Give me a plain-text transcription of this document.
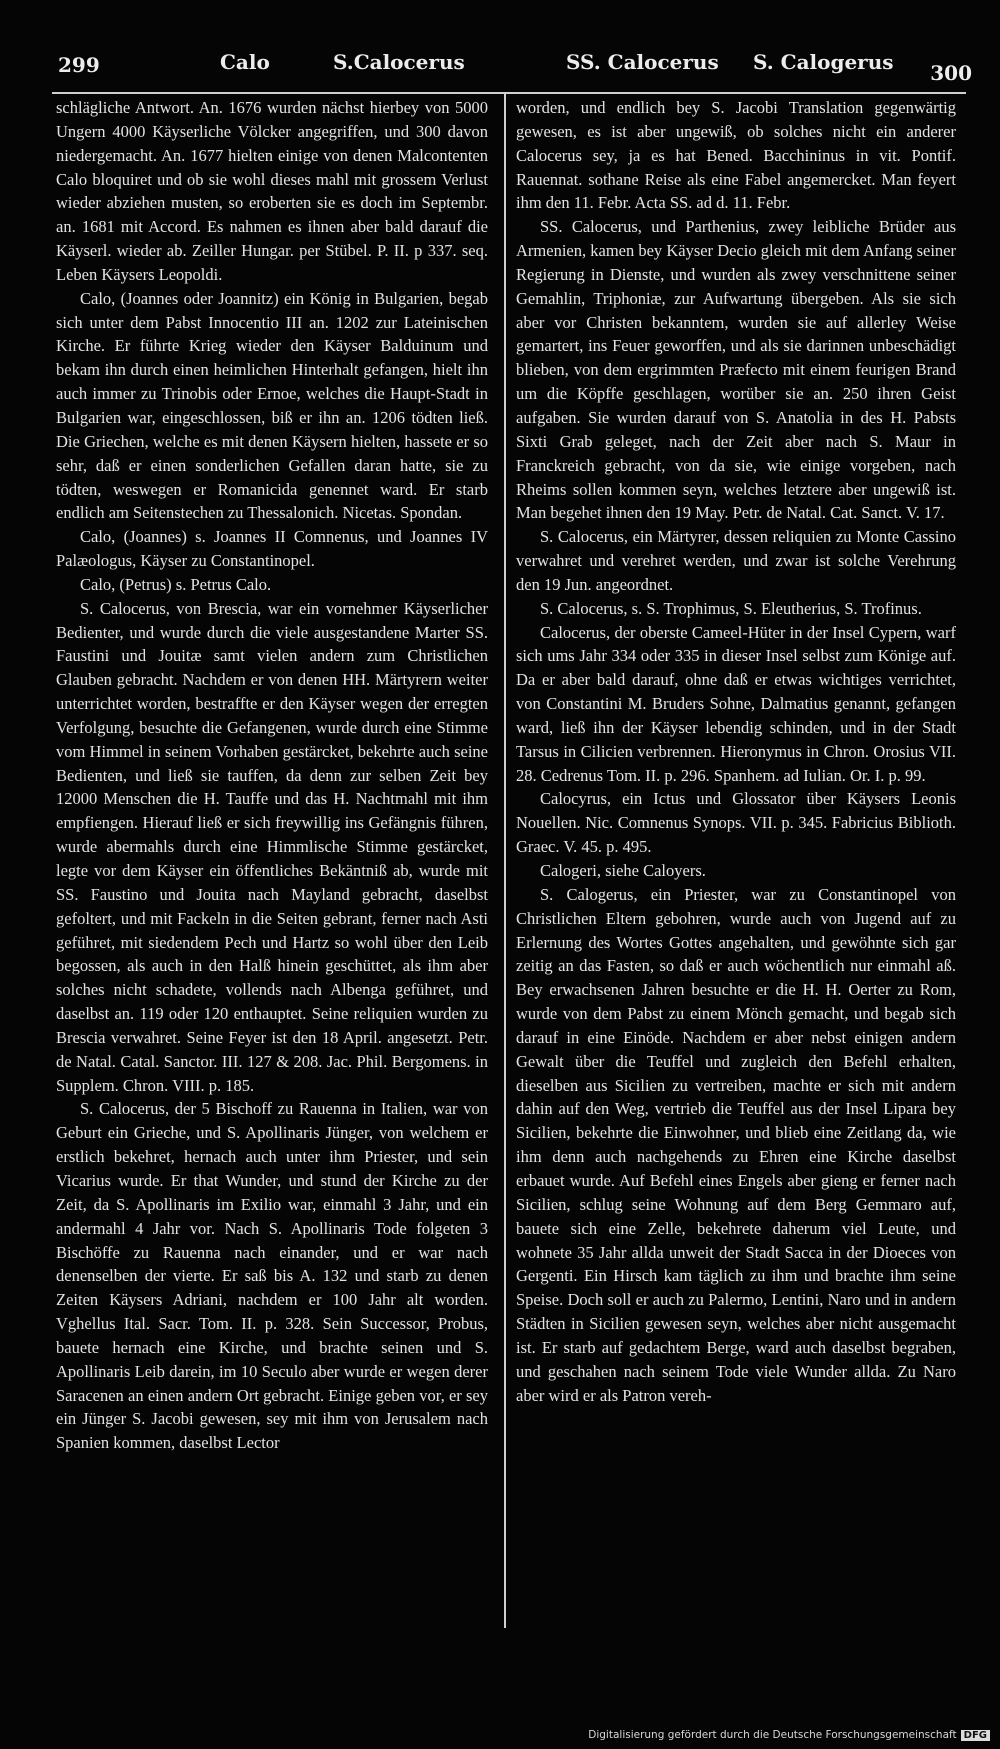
299	Calo	S.Calocerus	SS. Calocerus S. Calogerus 300

schlägliche Antwort. An. 1676 wurden nächst hierbey von 5000 Ungern 4000 Käyserliche Völcker angegriffen, und 300 davon niedergemacht. An. 1677 hielten einige von denen Malcontenten Calo bloquiret und ob sie wohl dieses mahl mit grossem Verlust wieder abziehen musten, so eroberten sie es doch im Septembr. an. 1681 mit Accord. Es nahmen es ihnen aber bald darauf die Käyserl. wieder ab. Zeiller Hungar. per Stübel. P. II. p 337. seq. Leben Käysers Leopoldi.

Calo, (Joannes oder Joannitz) ein König in Bulgarien, begab sich unter dem Pabst Innocentio III an. 1202 zur Lateinischen Kirche. Er führte Krieg wieder den Käyser Balduinum und bekam ihn durch einen heimlichen Hinterhalt gefangen, hielt ihn auch immer zu Trinobis oder Ernoe, welches die Haupt-Stadt in Bulgarien war, eingeschlossen, biß er ihn an. 1206 tödten ließ. Die Griechen, welche es mit denen Käysern hielten, hassete er so sehr, daß er einen sonderlichen Gefallen daran hatte, sie zu tödten, weswegen er Romanicida genennet ward. Er starb endlich am Seitenstechen zu Thessalonich. Nicetas. Spondan.

Calo, (Joannes) s. Joannes II Comnenus, und Joannes IV Palæologus, Käyser zu Constantinopel.

Calo, (Petrus) s. Petrus Calo.

S. Calocerus, von Brescia, war ein vornehmer Käyserlicher Bedienter, und wurde durch die viele ausgestandene Marter SS. Faustini und Jouitæ samt vielen andern zum Christlichen Glauben gebracht. Nachdem er von denen HH. Märtyrern weiter unterrichtet worden, bestraffte er den Käyser wegen der erregten Verfolgung, besuchte die Gefangenen, wurde durch eine Stimme vom Himmel in seinem Vorhaben gestärcket, bekehrte auch seine Bedienten, und ließ sie tauffen, da denn zur selben Zeit bey 12000 Menschen die H. Tauffe und das H. Nachtmahl mit ihm empfiengen. Hierauf ließ er sich freywillig ins Gefängnis führen, wurde abermahls durch eine Himmlische Stimme gestärcket, legte vor dem Käyser ein öffentliches Bekäntniß ab, wurde mit SS. Faustino und Jouita nach Mayland gebracht, daselbst gefoltert, und mit Fackeln in die Seiten gebrant, ferner nach Asti geführet, mit siedendem Pech und Hartz so wohl über den Leib begossen, als auch in den Halß hinein geschüttet, als ihm aber solches nicht schadete, vollends nach Albenga geführet, und daselbst an. 119 oder 120 enthauptet. Seine reliquien wurden zu Brescia verwahret. Seine Feyer ist den 18 April. angesetzt. Petr. de Natal. Catal. Sanctor. III. 127 & 208. Jac. Phil. Bergomens. in Supplem. Chron. VIII. p. 185.

S. Calocerus, der 5 Bischoff zu Rauenna in Italien, war von Geburt ein Grieche, und S. Apollinaris Jünger, von welchem er erstlich bekehret, hernach auch unter ihm Priester, und sein Vicarius wurde. Er that Wunder, und stund der Kirche zu der Zeit, da S. Apollinaris im Exilio war, einmahl 3 Jahr, und ein andermahl 4 Jahr vor. Nach S. Apollinaris Tode folgeten 3 Bischöffe zu Rauenna nach einander, und er war nach denenselben der vierte. Er saß bis A. 132 und starb zu denen Zeiten Käysers Adriani, nachdem er 100 Jahr alt worden. Vghellus Ital. Sacr. Tom. II. p. 328. Sein Successor, Probus, bauete hernach eine Kirche, und brachte seinen und S. Apollinaris Leib darein, im 10 Seculo aber wurde er wegen derer Saracenen an einen andern Ort gebracht. Einige geben vor, er sey ein Jünger S. Jacobi gewesen, sey mit ihm von Jerusalem nach Spanien kommen, daselbst Lector

worden, und endlich bey S. Jacobi Translation gegenwärtig gewesen, es ist aber ungewiß, ob solches nicht ein anderer Calocerus sey, ja es hat Bened. Bacchininus in vit. Pontif. Rauennat. sothane Reise als eine Fabel angemercket. Man feyert ihm den 11. Febr. Acta SS. ad d. 11. Febr.

SS. Calocerus, und Parthenius, zwey leibliche Brüder aus Armenien, kamen bey Käyser Decio gleich mit dem Anfang seiner Regierung in Dienste, und wurden als zwey verschnittene seiner Gemahlin, Triphoniæ, zur Aufwartung übergeben. Als sie sich aber vor Christen bekanntem, wurden sie auf allerley Weise gemartert, ins Feuer geworffen, und als sie darinnen unbeschädigt blieben, von dem ergrimmten Præfecto mit einem feurigen Brand um die Köpffe geschlagen, worüber sie an. 250 ihren Geist aufgaben. Sie wurden darauf von S. Anatolia in des H. Pabsts Sixti Grab geleget, nach der Zeit aber nach S. Maur in Franckreich gebracht, von da sie, wie einige vorgeben, nach Rheims sollen kommen seyn, welches letztere aber ungewiß ist. Man begehet ihnen den 19 May. Petr. de Natal. Cat. Sanct. V. 17.

S. Calocerus, ein Märtyrer, dessen reliquien zu Monte Cassino verwahret und verehret werden, und zwar ist solche Verehrung den 19 Jun. angeordnet.

S. Calocerus, s. S. Trophimus, S. Eleutherius, S. Trofinus.

Calocerus, der oberste Cameel-Hüter in der Insel Cypern, warf sich ums Jahr 334 oder 335 in dieser Insel selbst zum Könige auf. Da er aber bald darauf, ohne daß er etwas wichtiges verrichtet, von Constantini M. Bruders Sohne, Dalmatius genannt, gefangen ward, ließ ihn der Käyser lebendig schinden, und in der Stadt Tarsus in Cilicien verbrennen. Hieronymus in Chron. Orosius VII. 28. Cedrenus Tom. II. p. 296. Spanhem. ad Iulian. Or. I. p. 99.

Calocyrus, ein Ictus und Glossator über Käysers Leonis Nouellen. Nic. Comnenus Synops. VII. p. 345. Fabricius Biblioth. Graec. V. 45. p. 495.

Calogeri, siehe Caloyers.

S. Calogerus, ein Priester, war zu Constantinopel von Christlichen Eltern gebohren, wurde auch von Jugend auf zu Erlernung des Wortes Gottes angehalten, und gewöhnte sich gar zeitig an das Fasten, so daß er auch wöchentlich nur einmahl aß. Bey erwachsenen Jahren besuchte er die H. H. Oerter zu Rom, wurde von dem Pabst zu einem Mönch gemacht, und begab sich darauf in eine Einöde. Nachdem er aber nebst einigen andern Gewalt über die Teuffel und zugleich den Befehl erhalten, dieselben aus Sicilien zu vertreiben, machte er sich mit andern dahin auf den Weg, vertrieb die Teuffel aus der Insel Lipara bey Sicilien, bekehrte die Einwohner, und blieb eine Zeitlang da, wie ihm denn auch nachgehends zu Ehren eine Kirche daselbst erbauet wurde. Auf Befehl eines Engels aber gieng er ferner nach Sicilien, schlug seine Wohnung auf dem Berg Gemmaro auf, bauete sich eine Zelle, bekehrete daherum viel Leute, und wohnete 35 Jahr allda unweit der Stadt Sacca in der Dioeces von Gergenti. Ein Hirsch kam täglich zu ihm und brachte ihm seine Speise. Doch soll er auch zu Palermo, Lentini, Naro und in andern Städten in Sicilien gewesen seyn, welches aber nicht ausgemacht ist. Er starb auf gedachtem Berge, ward auch daselbst begraben, und geschahen nach seinem Tode viele Wunder allda. Zu Naro aber wird er als Patron vereh-

Digitalisierung gefördert durch die Deutsche Forschungsgemeinschaft DFG
